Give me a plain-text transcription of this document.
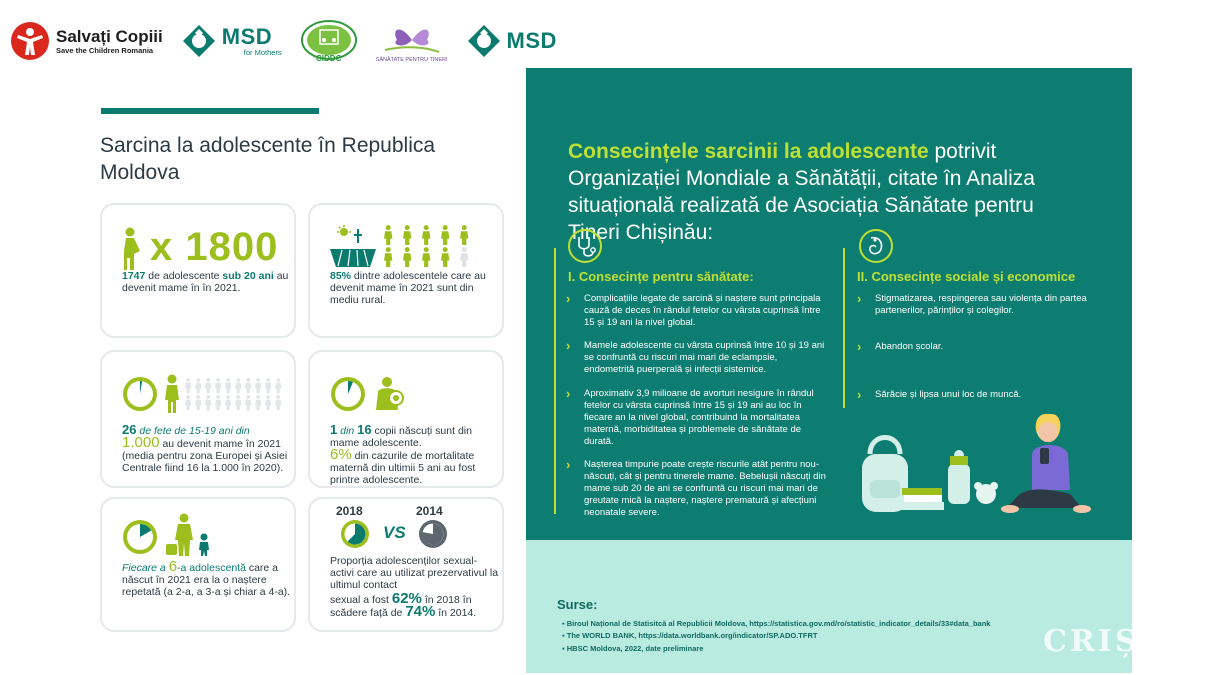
Salvați Copiii
Save the Children Romania
MSD
for Mothers
CIDDC	SĂNĂTATE PENTRU TINERI
MSD
Sarcina la adolescente în Republica Moldova
x 1800

1747 de adolescente sub 20 ani au devenit mame în în 2021.

85% dintre adolescentele care au devenit mame în 2021 sunt din mediu rural.

26 de fete de 15-19 ani din
1.000 au devenit mame în 2021 (media pentru zona Europei și Asiei Centrale fiind 16 la 1.000 în 2020).

1 din 16 copii născuți sunt din mame adolescente.
6% din cazurile de mortalitate maternă din ultimii 5 ani au fost printre adolescente.

Fiecare a 6-a adolescentă care a născut în 2021 era la o naștere repetată (a 2-a, a 3-a și chiar a 4-a).

2018
VS
2014

Proporția adolescenților sexual-activi care au utilizat prezervativul la ultimul contact

sexual a fost 62% în 2018 în scădere față de 74% în 2014.

Consecințele sarcinii la adolescente potrivit Organizației Mondiale a Sănătății, citate în Analiza situațională realizată de Asociația Sănătate pentru Tineri Chișinău:
I. Consecințe pentru sănătate:
›	Complicațiile legate de sarcină și naștere sunt principala cauză de deces în rândul fetelor cu vârsta cuprinsă între 15 și 19 ani la nivel global.
›	Mamele adolescente cu vârsta cuprinsă între 10 și 19 ani se confruntă cu riscuri mai mari de eclampsie, endometrită puerperală și infecții sistemice.
›	Aproximativ 3,9 milioane de avorturi nesigure în rândul fetelor cu vârsta cuprinsă între 15 și 19 ani au loc în fiecare an la nivel global, contribuind la mortalitatea maternă, morbiditatea și problemele de sănătate de durată.
›	Nașterea timpurie poate crește riscurile atât pentru nou-născuți, cât și pentru tinerele mame. Bebelușii născuți din mame sub 20 de ani se confruntă cu riscuri mai mari de greutate mică la naștere, naștere prematură și afecțiuni neonatale severe.
II. Consecințe sociale și economice
›	Stigmatizarea, respingerea sau violența din partea partenerilor, părinților și colegilor.
›	Abandon școlar.
›	Sărăcie și lipsa unui loc de muncă.
Surse:
▪ Biroul Național de Statisitcă al Republicii Moldova, https://statistica.gov.md/ro/statistic_indicator_details/33#data_bank
▪ The WORLD BANK, https://data.worldbank.org/indicator/SP.ADO.TFRT
▪ HBSC Moldova, 2022, date preliminare	CRIȘANA
